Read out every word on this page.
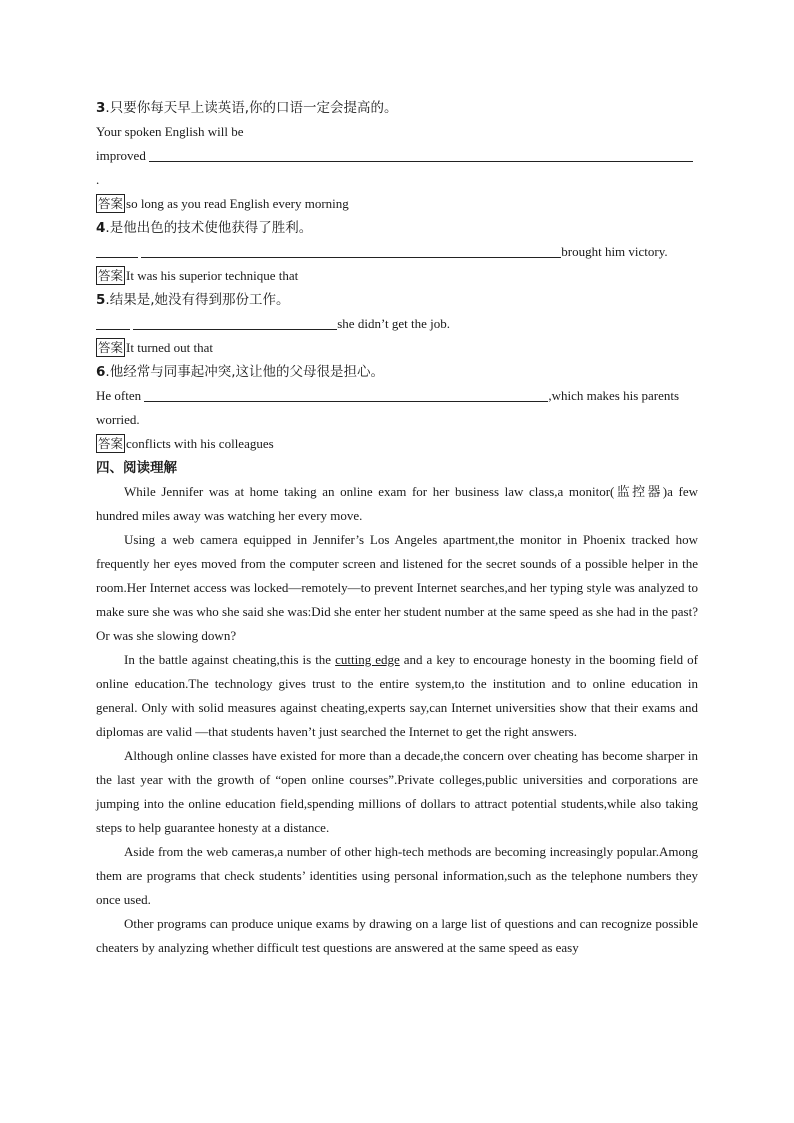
3.只要你每天早上读英语,你的口语一定会提高的。
Your spoken English will be
improved
.
答案 so long as you read English every morning
4.是他出色的技术使他获得了胜利。
brought him victory.
答案 It was his superior technique that
5.结果是,她没有得到那份工作。
she didn’t get the job.
答案 It turned out that
6.他经常与同事起冲突,这让他的父母很是担心。
He often	,which makes his parents
worried.
答案 conflicts with his colleagues
四、阅读理解

While Jennifer was at home taking an online exam for her business law class,a monitor(监控器)a few hundred miles away was watching her every move.

Using a web camera equipped in Jennifer’s Los Angeles apartment,the monitor in Phoenix tracked how frequently her eyes moved from the computer screen and listened for the secret sounds of a possible helper in the room.Her Internet access was locked—remotely—to prevent Internet searches,and her typing style was analyzed to make sure she was who she said she was:Did she enter her student number at the same speed as she had in the past?Or was she slowing down?

In the battle against cheating,this is the cutting edge and a key to encourage honesty in the booming field of online education.The technology gives trust to the entire system,to the institution and to online education in general. Only with solid measures against cheating,experts say,can Internet universities show that their exams and diplomas are valid —that students haven’t just searched the Internet to get the right answers.

Although online classes have existed for more than a decade,the concern over cheating has become sharper in the last year with the growth of “open online courses”.Private colleges,public universities and corporations are jumping into the online education field,spending millions of dollars to attract potential students,while also taking steps to help guarantee honesty at a distance.

Aside from the web cameras,a number of other high-tech methods are becoming increasingly popular.Among them are programs that check students’ identities using personal information,such as the telephone numbers they once used.

Other programs can produce unique exams by drawing on a large list of questions and can recognize possible cheaters by analyzing whether difficult test questions are answered at the same speed as easy
